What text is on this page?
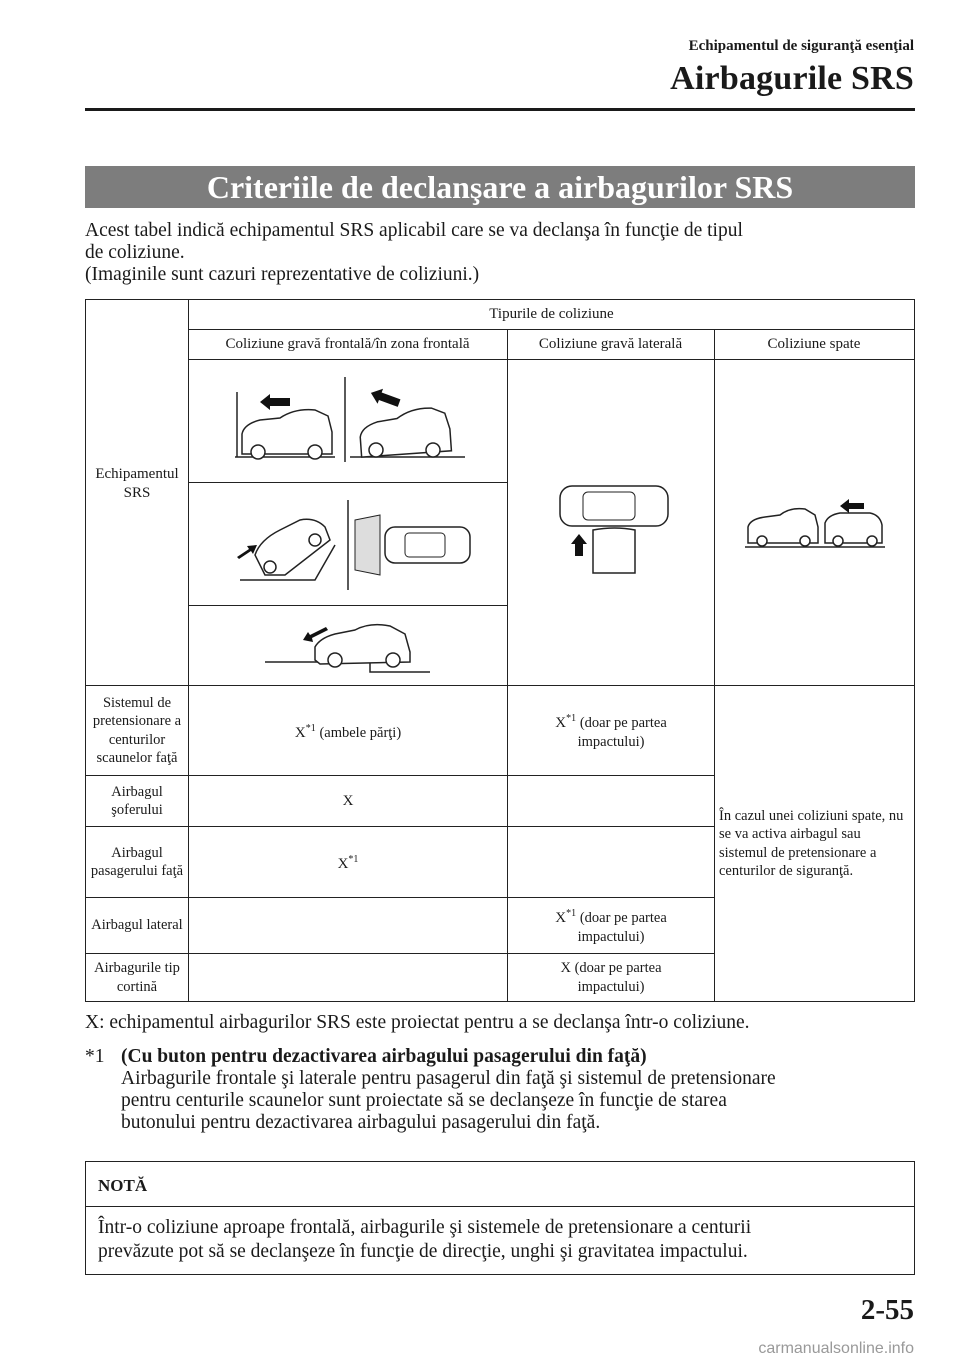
Echipamentul de siguranţă esenţial
Airbagurile SRS
Criteriile de declanşare a airbagurilor SRS

Acest tabel indică echipamentul SRS aplicabil care se va declanşa în funcţie de tipul

de coliziune.

(Imaginile sunt cazuri reprezentative de coliziuni.)

Tipurile de coliziune
Coliziune gravă frontală/în zona frontală	Coliziune gravă laterală	Coliziune spate
Echipamentul SRS
Sistemul de pretensionare a centurilor scaunelor faţă
Airbagul şoferului
Airbagul pasagerului faţă
Airbagul lateral
Airbagurile tip cortină
$X^{*1}$ (ambele părţi)
$X^{*1}$ (doar pe partea impactului)
X
$X^{*1}$
$X^{*1}$ (doar pe partea impactului)
X (doar pe partea impactului)
În cazul unei coliziuni spate, nu se va activa airbagul sau sistemul de pretensionare a centurilor de siguranţă.
X: echipamentul airbagurilor SRS este proiectat pentru a se declanşa într-o coliziune.
*1 (Cu buton pentru dezactivarea airbagului pasagerului din faţă)
Airbagurile frontale şi laterale pentru pasagerul din faţă şi sistemul de pretensionare
pentru centurile scaunelor sunt proiectate să se declanşeze în funcţie de starea
butonului pentru dezactivarea airbagului pasagerului din faţă.
NOTĂ
Într-o coliziune aproape frontală, airbagurile şi sistemele de pretensionare a centurii
prevăzute pot să se declanşeze în funcţie de direcţie, unghi şi gravitatea impactului.
2-55
carmanualsonline.info
